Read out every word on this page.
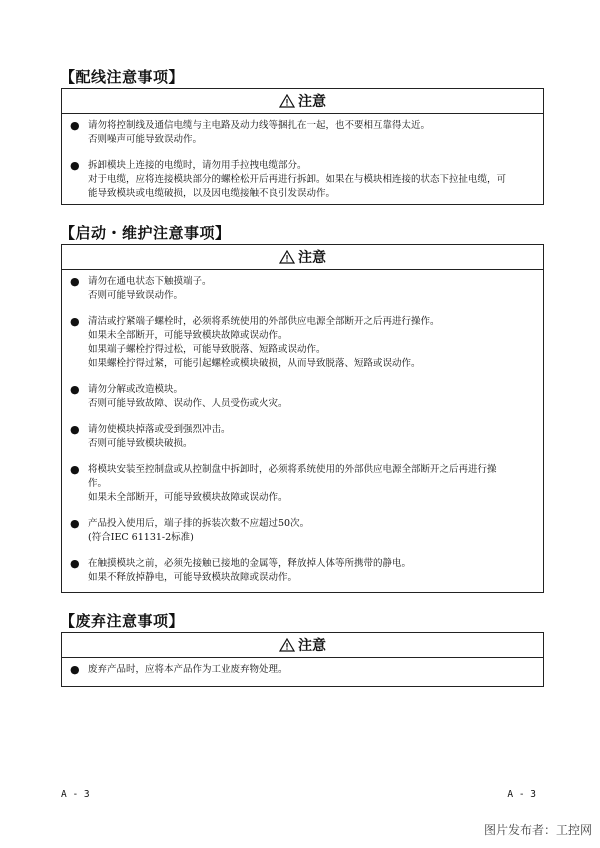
【配线注意事项】
注意
● 请勿将控制线及通信电缆与主电路及动力线等捆扎在一起，也不要相互靠得太近。
否则噪声可能导致误动作。
● 拆卸模块上连接的电缆时，请勿用手拉拽电缆部分。
对于电缆，应将连接模块部分的螺栓松开后再进行拆卸。如果在与模块相连接的状态下拉扯电缆，可
能导致模块或电缆破损，以及因电缆接触不良引发误动作。
【启动・维护注意事项】
注意
● 请勿在通电状态下触摸端子。
否则可能导致误动作。
● 清洁或拧紧端子螺栓时，必须将系统使用的外部供应电源全部断开之后再进行操作。
如果未全部断开，可能导致模块故障或误动作。
如果端子螺栓拧得过松，可能导致脱落、短路或误动作。
如果螺栓拧得过紧，可能引起螺栓或模块破损，从而导致脱落、短路或误动作。
● 请勿分解或改造模块。
否则可能导致故障、误动作、人员受伤或火灾。
● 请勿使模块掉落或受到强烈冲击。
否则可能导致模块破损。
● 将模块安装至控制盘或从控制盘中拆卸时，必须将系统使用的外部供应电源全部断开之后再进行操
作。
如果未全部断开，可能导致模块故障或误动作。
● 产品投入使用后，端子排的拆装次数不应超过50次。
(符合IEC 61131-2标准)
● 在触摸模块之前，必须先接触已接地的金属等，释放掉人体等所携带的静电。
如果不释放掉静电，可能导致模块故障或误动作。
【废弃注意事项】
注意
● 废弃产品时，应将本产品作为工业废弃物处理。
A - 3	A - 3
图片发布者：工控网
